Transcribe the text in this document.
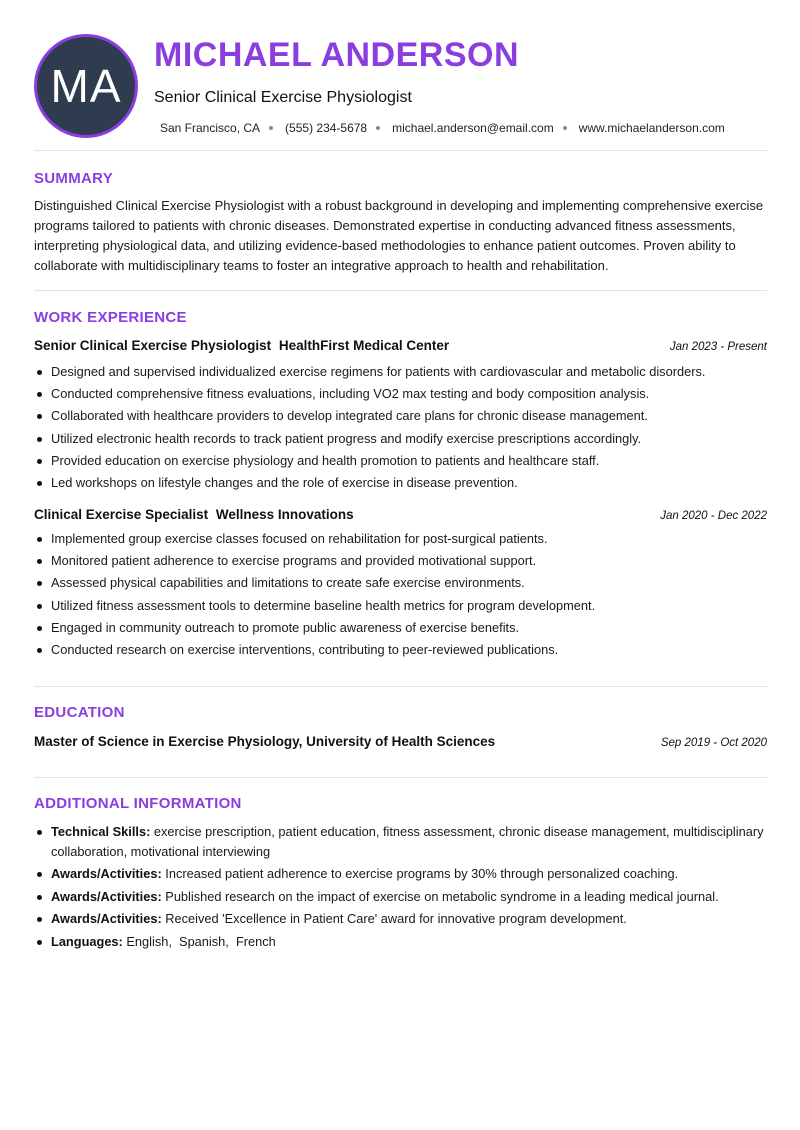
MA
MICHAEL ANDERSON
Senior Clinical Exercise Physiologist
San Francisco, CA (555) 234-5678 michael.anderson@email.com www.michaelanderson.com
SUMMARY
Distinguished Clinical Exercise Physiologist with a robust background in developing and implementing comprehensive exercise programs tailored to patients with chronic diseases. Demonstrated expertise in conducting advanced fitness assessments, interpreting physiological data, and utilizing evidence-based methodologies to enhance patient outcomes. Proven ability to collaborate with multidisciplinary teams to foster an integrative approach to health and rehabilitation.
WORK EXPERIENCE
Senior Clinical Exercise Physiologist HealthFirst Medical Center	Jan 2023 - Present
Designed and supervised individualized exercise regimens for patients with cardiovascular and metabolic disorders.
Conducted comprehensive fitness evaluations, including VO2 max testing and body composition analysis.
Collaborated with healthcare providers to develop integrated care plans for chronic disease management.
Utilized electronic health records to track patient progress and modify exercise prescriptions accordingly.
Provided education on exercise physiology and health promotion to patients and healthcare staff.
Led workshops on lifestyle changes and the role of exercise in disease prevention.
Clinical Exercise Specialist Wellness Innovations	Jan 2020 - Dec 2022
Implemented group exercise classes focused on rehabilitation for post-surgical patients.
Monitored patient adherence to exercise programs and provided motivational support.
Assessed physical capabilities and limitations to create safe exercise environments.
Utilized fitness assessment tools to determine baseline health metrics for program development.
Engaged in community outreach to promote public awareness of exercise benefits.
Conducted research on exercise interventions, contributing to peer-reviewed publications.
EDUCATION
Master of Science in Exercise Physiology, University of Health Sciences	Sep 2019 - Oct 2020
ADDITIONAL INFORMATION
Technical Skills: exercise prescription, patient education, fitness assessment, chronic disease management, multidisciplinary collaboration, motivational interviewing
Awards/Activities: Increased patient adherence to exercise programs by 30% through personalized coaching.
Awards/Activities: Published research on the impact of exercise on metabolic syndrome in a leading medical journal.
Awards/Activities: Received 'Excellence in Patient Care' award for innovative program development.
Languages: English,  Spanish,  French
